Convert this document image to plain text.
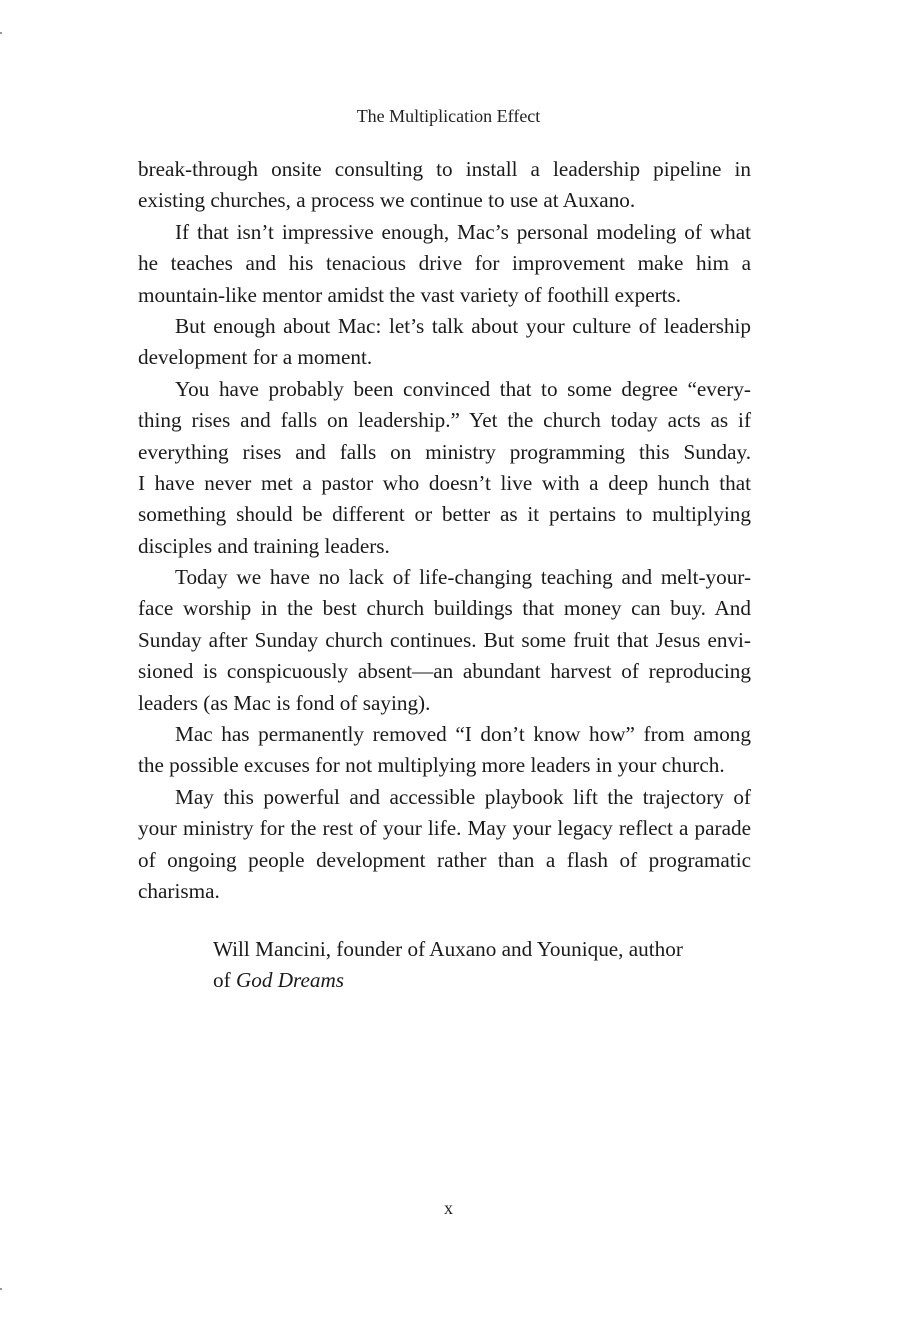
The Multiplication Effect
break-through onsite consulting to install a leadership pipeline in
existing churches, a process we continue to use at Auxano.
If that isn’t impressive enough, Mac’s personal modeling of what
he teaches and his tenacious drive for improvement make him a
mountain-like mentor amidst the vast variety of foothill experts.
But enough about Mac: let’s talk about your culture of leadership
development for a moment.
You have probably been convinced that to some degree “every-
thing rises and falls on leadership.” Yet the church today acts as if
everything rises and falls on ministry programming this Sunday.
I have never met a pastor who doesn’t live with a deep hunch that
something should be different or better as it pertains to multiplying
disciples and training leaders.
Today we have no lack of life-changing teaching and melt-your-
face worship in the best church buildings that money can buy. And
Sunday after Sunday church continues. But some fruit that Jesus envi-
sioned is conspicuously absent—an abundant harvest of reproducing
leaders (as Mac is fond of saying).
Mac has permanently removed “I don’t know how” from among
the possible excuses for not multiplying more leaders in your church.
May this powerful and accessible playbook lift the trajectory of
your ministry for the rest of your life. May your legacy reflect a parade
of ongoing people development rather than a flash of programatic
charisma.
Will Mancini, founder of Auxano and Younique, author
of God Dreams
x
